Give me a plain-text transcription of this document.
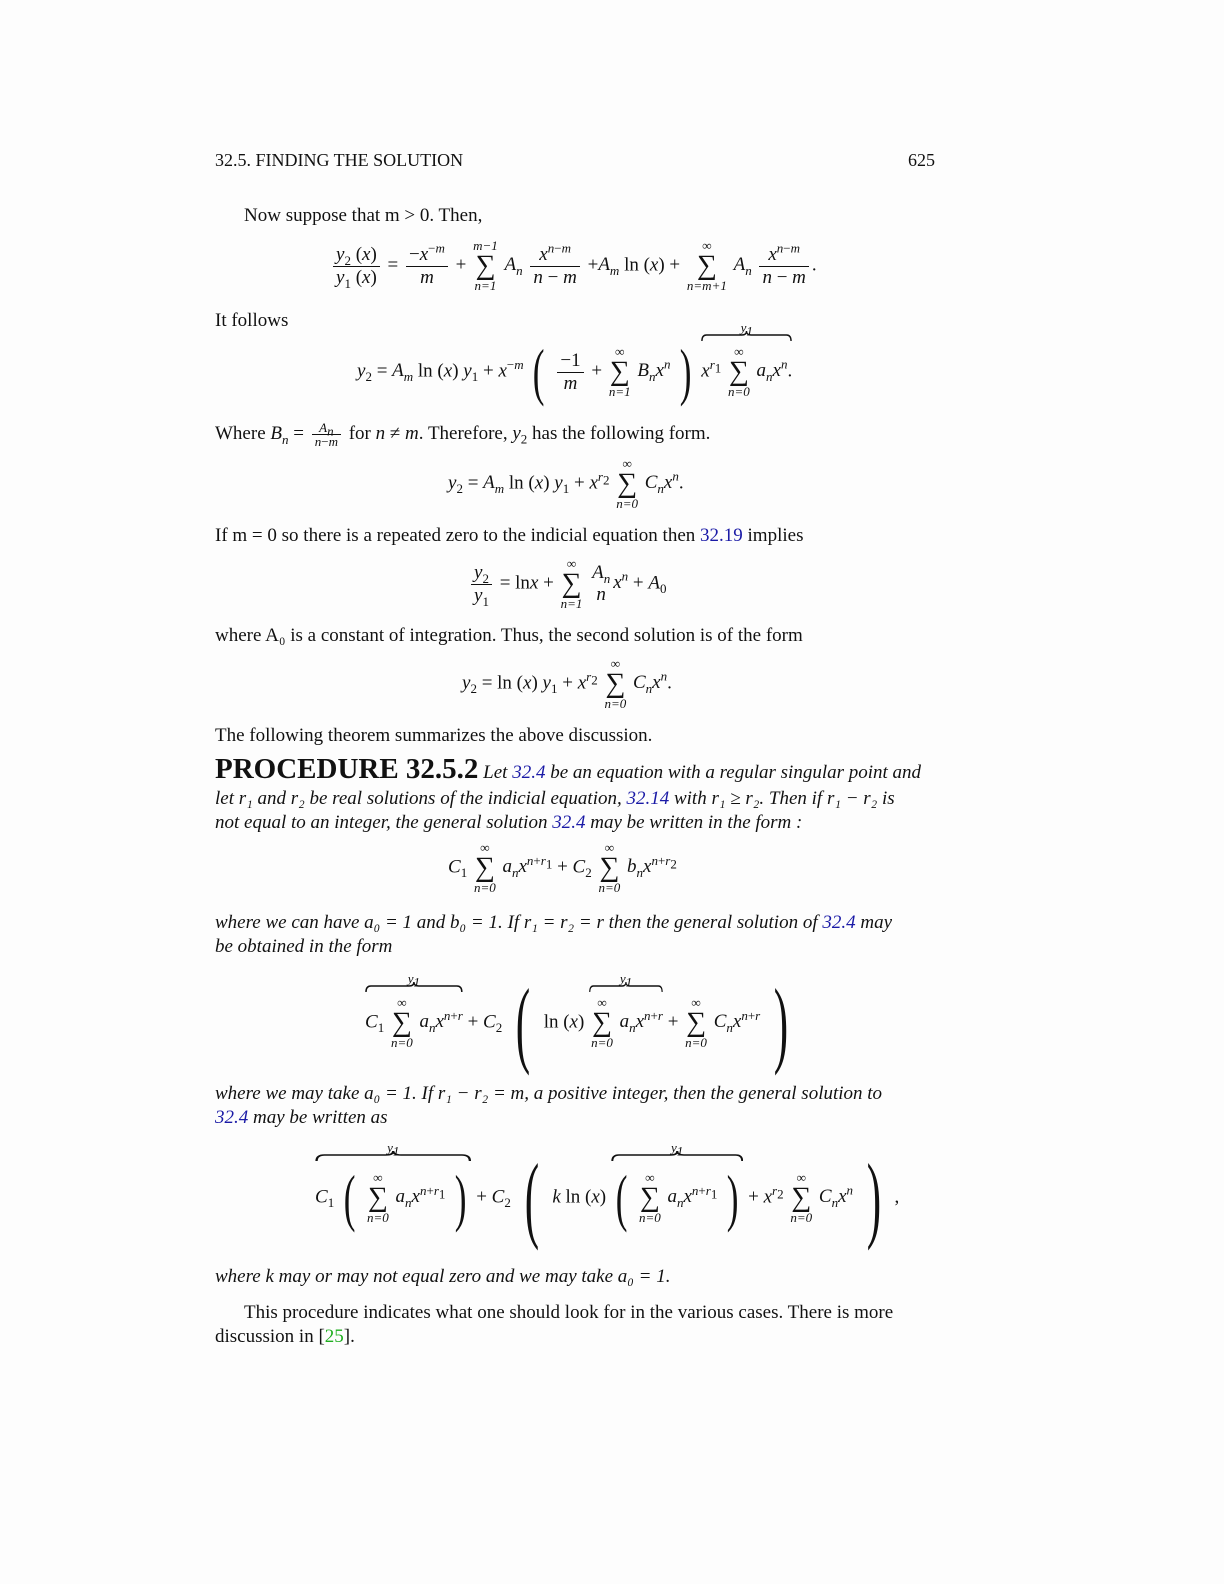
32.5. FINDING THE SOLUTION	625
Now suppose that m > 0. Then,
$\frac{y_2 (x)}{y_1 (x)} = \frac{-x^{-m}}{m}$ +
m−1
∑
n=1
$A_n \frac{x^{n-m}}{n - m} +A_m$ ln (x) +
∞
∑
n=m+1
$A_n \frac{x^{n-m}}{n - m}$ .
It follows
$y_2 = A_m$ ln (x) $y_1 + x^{-m}$ ( $\frac{-1}{m}$ +
∞
∑
n=1
$B_nx^n$ )
$y_1$
$x^{r_1}$
∞
∑
n=0
$a_nx^n$.
Where $B_n = \frac{A_n}{n-m}$ for n ≠ m. Therefore, $y_2$ has the following form.
$y_2 = A_m$ ln (x) $y_1 + x^{r_2}$
∞
∑
n=0
$C_nx^n$.
If m = 0 so there is a repeated zero to the indicial equation then 32.19 implies
$\frac{y_2}{y_1} = \ln x$ +
∞
∑
n=1

$A_n$
n
$x^n + A_0$
where A₀ is a constant of integration. Thus, the second solution is of the form
$y_2 = \ln (x) y_1 + x^{r_2}$
∞
∑
n=0
$C_nx^n$.
The following theorem summarizes the above discussion.
PROCEDURE 32.5.2 Let 32.4 be an equation with a regular singular point and
let r₁ and r₂ be real solutions of the indicial equation, 32.14 with r₁ ≥ r₂. Then if r₁ − r₂ is
not equal to an integer, the general solution 32.4 may be written in the form :
$C_1$
∞
∑
n=0
$a_nx^{n+r_1} + C_2$
∞
∑
n=0
$b_nx^{n+r_2}$
where we can have a₀ = 1 and b₀ = 1. If r₁ = r₂ = r then the general solution of 32.4 may
be obtained in the form
$y_1$
$C_1$
∞
∑
n=0
$a_nx^{n+r} + C_2$ ( ln (x)
$y_1$
∞
∑
n=0
$a_nx^{n+r}$ +
∞
∑
n=0
$C_nx^{n+r}$ )
where we may take a₀ = 1. If r₁ − r₂ = m, a positive integer, then the general solution to
32.4 may be written as
$y_1$
$C_1$ (	∞
∑
n=0
$a_nx^{n+r_1}$ ) + $C_2$ ( k ln (x)
$y_1$
(	∞
∑
n=0
$a_nx^{n+r_1}$ ) + $x^{r_2}$
∞
∑
n=0
$C_nx^n$ ) ,
where k may or may not equal zero and we may take a₀ = 1.
This procedure indicates what one should look for in the various cases. There is more
discussion in [25].
